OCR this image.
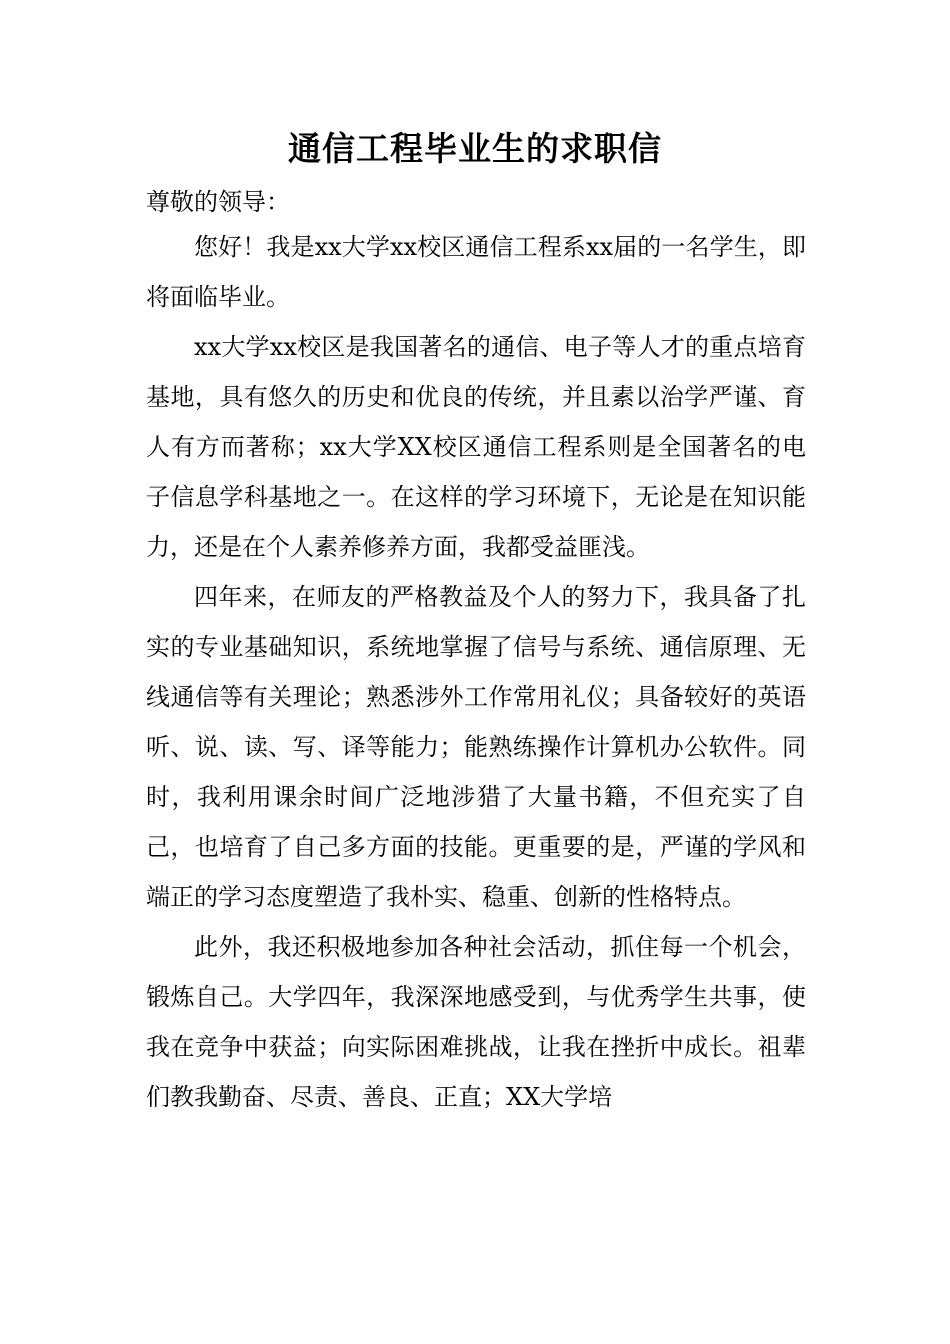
通信工程毕业生的求职信

尊敬的领导：

您好！我是xx大学xx校区通信工程系xx届的一名学生，即将面临毕业。

xx大学xx校区是我国著名的通信、电子等人才的重点培育基地，具有悠久的历史和优良的传统，并且素以治学严谨、育人有方而著称；xx大学XX校区通信工程系则是全国著名的电子信息学科基地之一。在这样的学习环境下，无论是在知识能力，还是在个人素养修养方面，我都受益匪浅。

四年来，在师友的严格教益及个人的努力下，我具备了扎实的专业基础知识，系统地掌握了信号与系统、通信原理、无线通信等有关理论；熟悉涉外工作常用礼仪；具备较好的英语听、说、读、写、译等能力；能熟练操作计算机办公软件。同时，我利用课余时间广泛地涉猎了大量书籍，不但充实了自己，也培育了自己多方面的技能。更重要的是，严谨的学风和端正的学习态度塑造了我朴实、稳重、创新的性格特点。

此外，我还积极地参加各种社会活动，抓住每一个机会，锻炼自己。大学四年，我深深地感受到，与优秀学生共事，使我在竞争中获益；向实际困难挑战，让我在挫折中成长。祖辈们教我勤奋、尽责、善良、正直；XX大学培
